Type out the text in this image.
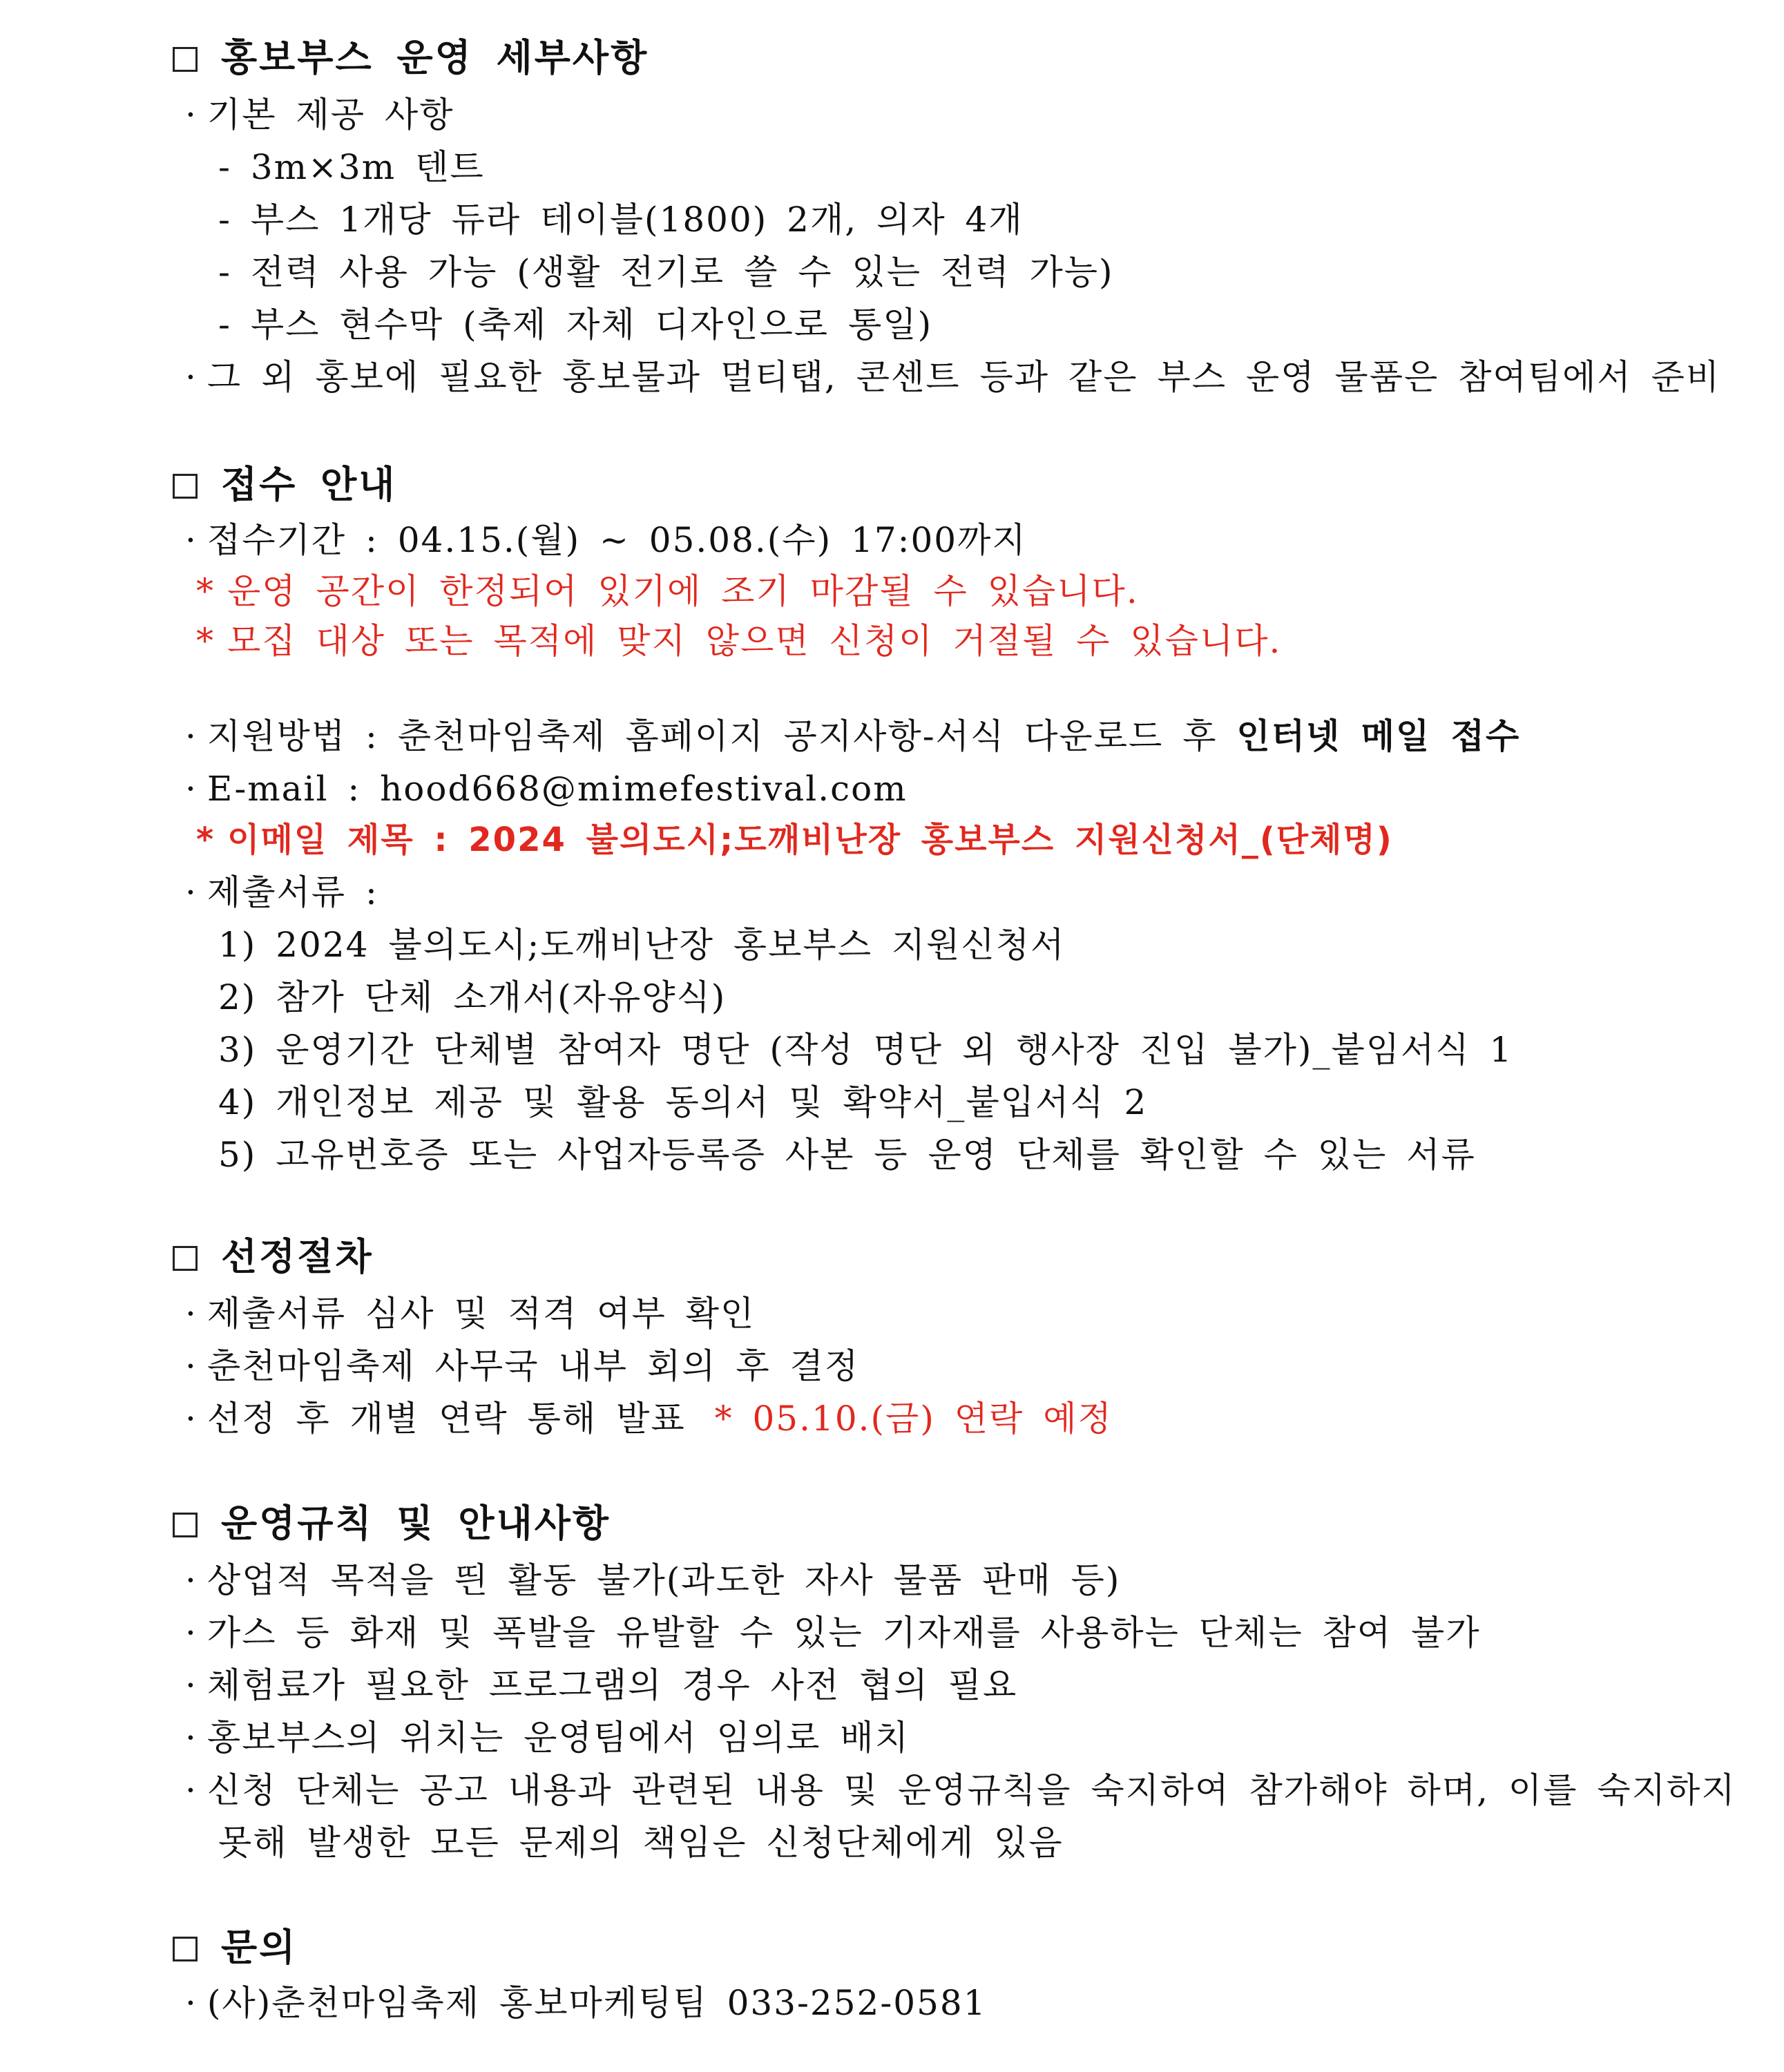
홍보부스 운영 세부사항
· 기본 제공 사항
- 3m×3m 텐트
- 부스 1개당 듀라 테이블(1800) 2개, 의자 4개
- 전력 사용 가능 (생활 전기로 쓸 수 있는 전력 가능)
- 부스 현수막 (축제 자체 디자인으로 통일)
· 그 외 홍보에 필요한 홍보물과 멀티탭, 콘센트 등과 같은 부스 운영 물품은 참여팀에서 준비
접수 안내
· 접수기간 : 04.15.(월) ~ 05.08.(수) 17:00까지
* 운영 공간이 한정되어 있기에 조기 마감될 수 있습니다.
* 모집 대상 또는 목적에 맞지 않으면 신청이 거절될 수 있습니다.
· 지원방법 : 춘천마임축제 홈페이지 공지사항-서식 다운로드 후 인터넷 메일 접수
· E-mail : hood668@mimefestival.com
* 이메일 제목 : 2024 불의도시;도깨비난장 홍보부스 지원신청서_(단체명)
· 제출서류 :
1) 2024 불의도시;도깨비난장 홍보부스 지원신청서
2) 참가 단체 소개서(자유양식)
3) 운영기간 단체별 참여자 명단 (작성 명단 외 행사장 진입 불가)_붙임서식 1
4) 개인정보 제공 및 활용 동의서 및 확약서_붙입서식 2
5) 고유번호증 또는 사업자등록증 사본 등 운영 단체를 확인할 수 있는 서류
선정절차
· 제출서류 심사 및 적격 여부 확인
· 춘천마임축제 사무국 내부 회의 후 결정
· 선정 후 개별 연락 통해 발표 * 05.10.(금) 연락 예정
운영규칙 및 안내사항
· 상업적 목적을 띈 활동 불가(과도한 자사 물품 판매 등)
· 가스 등 화재 및 폭발을 유발할 수 있는 기자재를 사용하는 단체는 참여 불가
· 체험료가 필요한 프로그램의 경우 사전 협의 필요
· 홍보부스의 위치는 운영팀에서 임의로 배치
· 신청 단체는 공고 내용과 관련된 내용 및 운영규칙을 숙지하여 참가해야 하며, 이를 숙지하지
못해 발생한 모든 문제의 책임은 신청단체에게 있음
문의
· (사)춘천마임축제 홍보마케팅팀 033-252-0581
